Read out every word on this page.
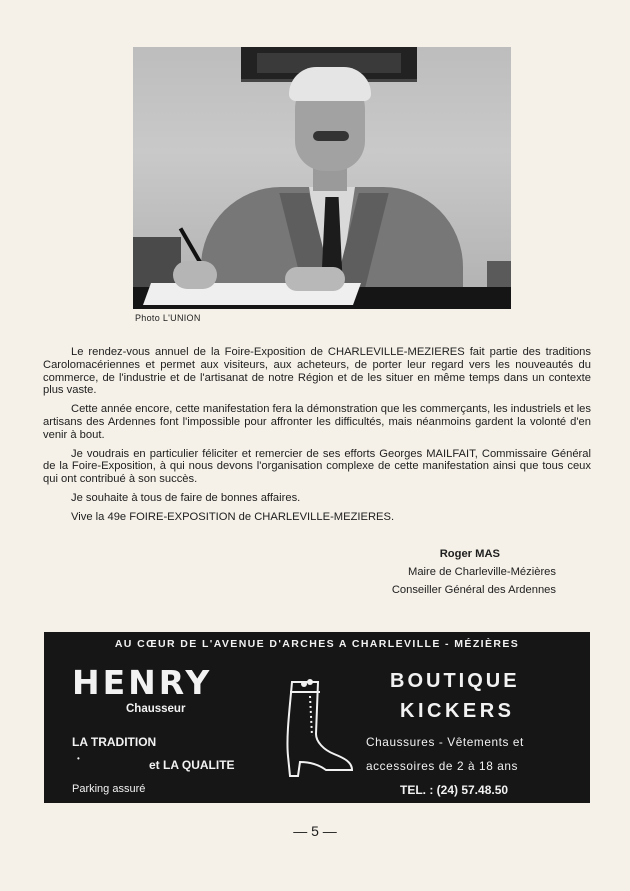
Photo L'UNION

Le rendez-vous annuel de la Foire-Exposition de CHARLEVILLE-MEZIERES fait partie des traditions Carolomacériennes et permet aux visiteurs, aux acheteurs, de porter leur regard vers les nouveautés du commerce, de l'industrie et de l'artisanat de notre Région et de les situer en même temps dans un contexte plus vaste.

Cette année encore, cette manifestation fera la démonstration que les commerçants, les industriels et les artisans des Ardennes font l'impossible pour affronter les difficultés, mais néanmoins gardent la volonté d'en venir à bout.

Je voudrais en particulier féliciter et remercier de ses efforts Georges MAILFAIT, Commissaire Général de la Foire-Exposition, à qui nous devons l'organisation complexe de cette manifestation ainsi que tous ceux qui ont contribué à son succès.

Je souhaite à tous de faire de bonnes affaires.

Vive la 49e FOIRE-EXPOSITION de CHARLEVILLE-MEZIERES.

Roger MAS
Maire de Charleville-Mézières
Conseiller Général des Ardennes
AU CŒUR DE L'AVENUE D'ARCHES A CHARLEVILLE - MÉZIÈRES
HENRY
Chausseur
LA TRADITION
•	et LA QUALITE
Parking assuré
BOUTIQUE
KICKERS
Chaussures - Vêtements et
accessoires de 2 à 18 ans
TEL. : (24) 57.48.50
— 5 —
